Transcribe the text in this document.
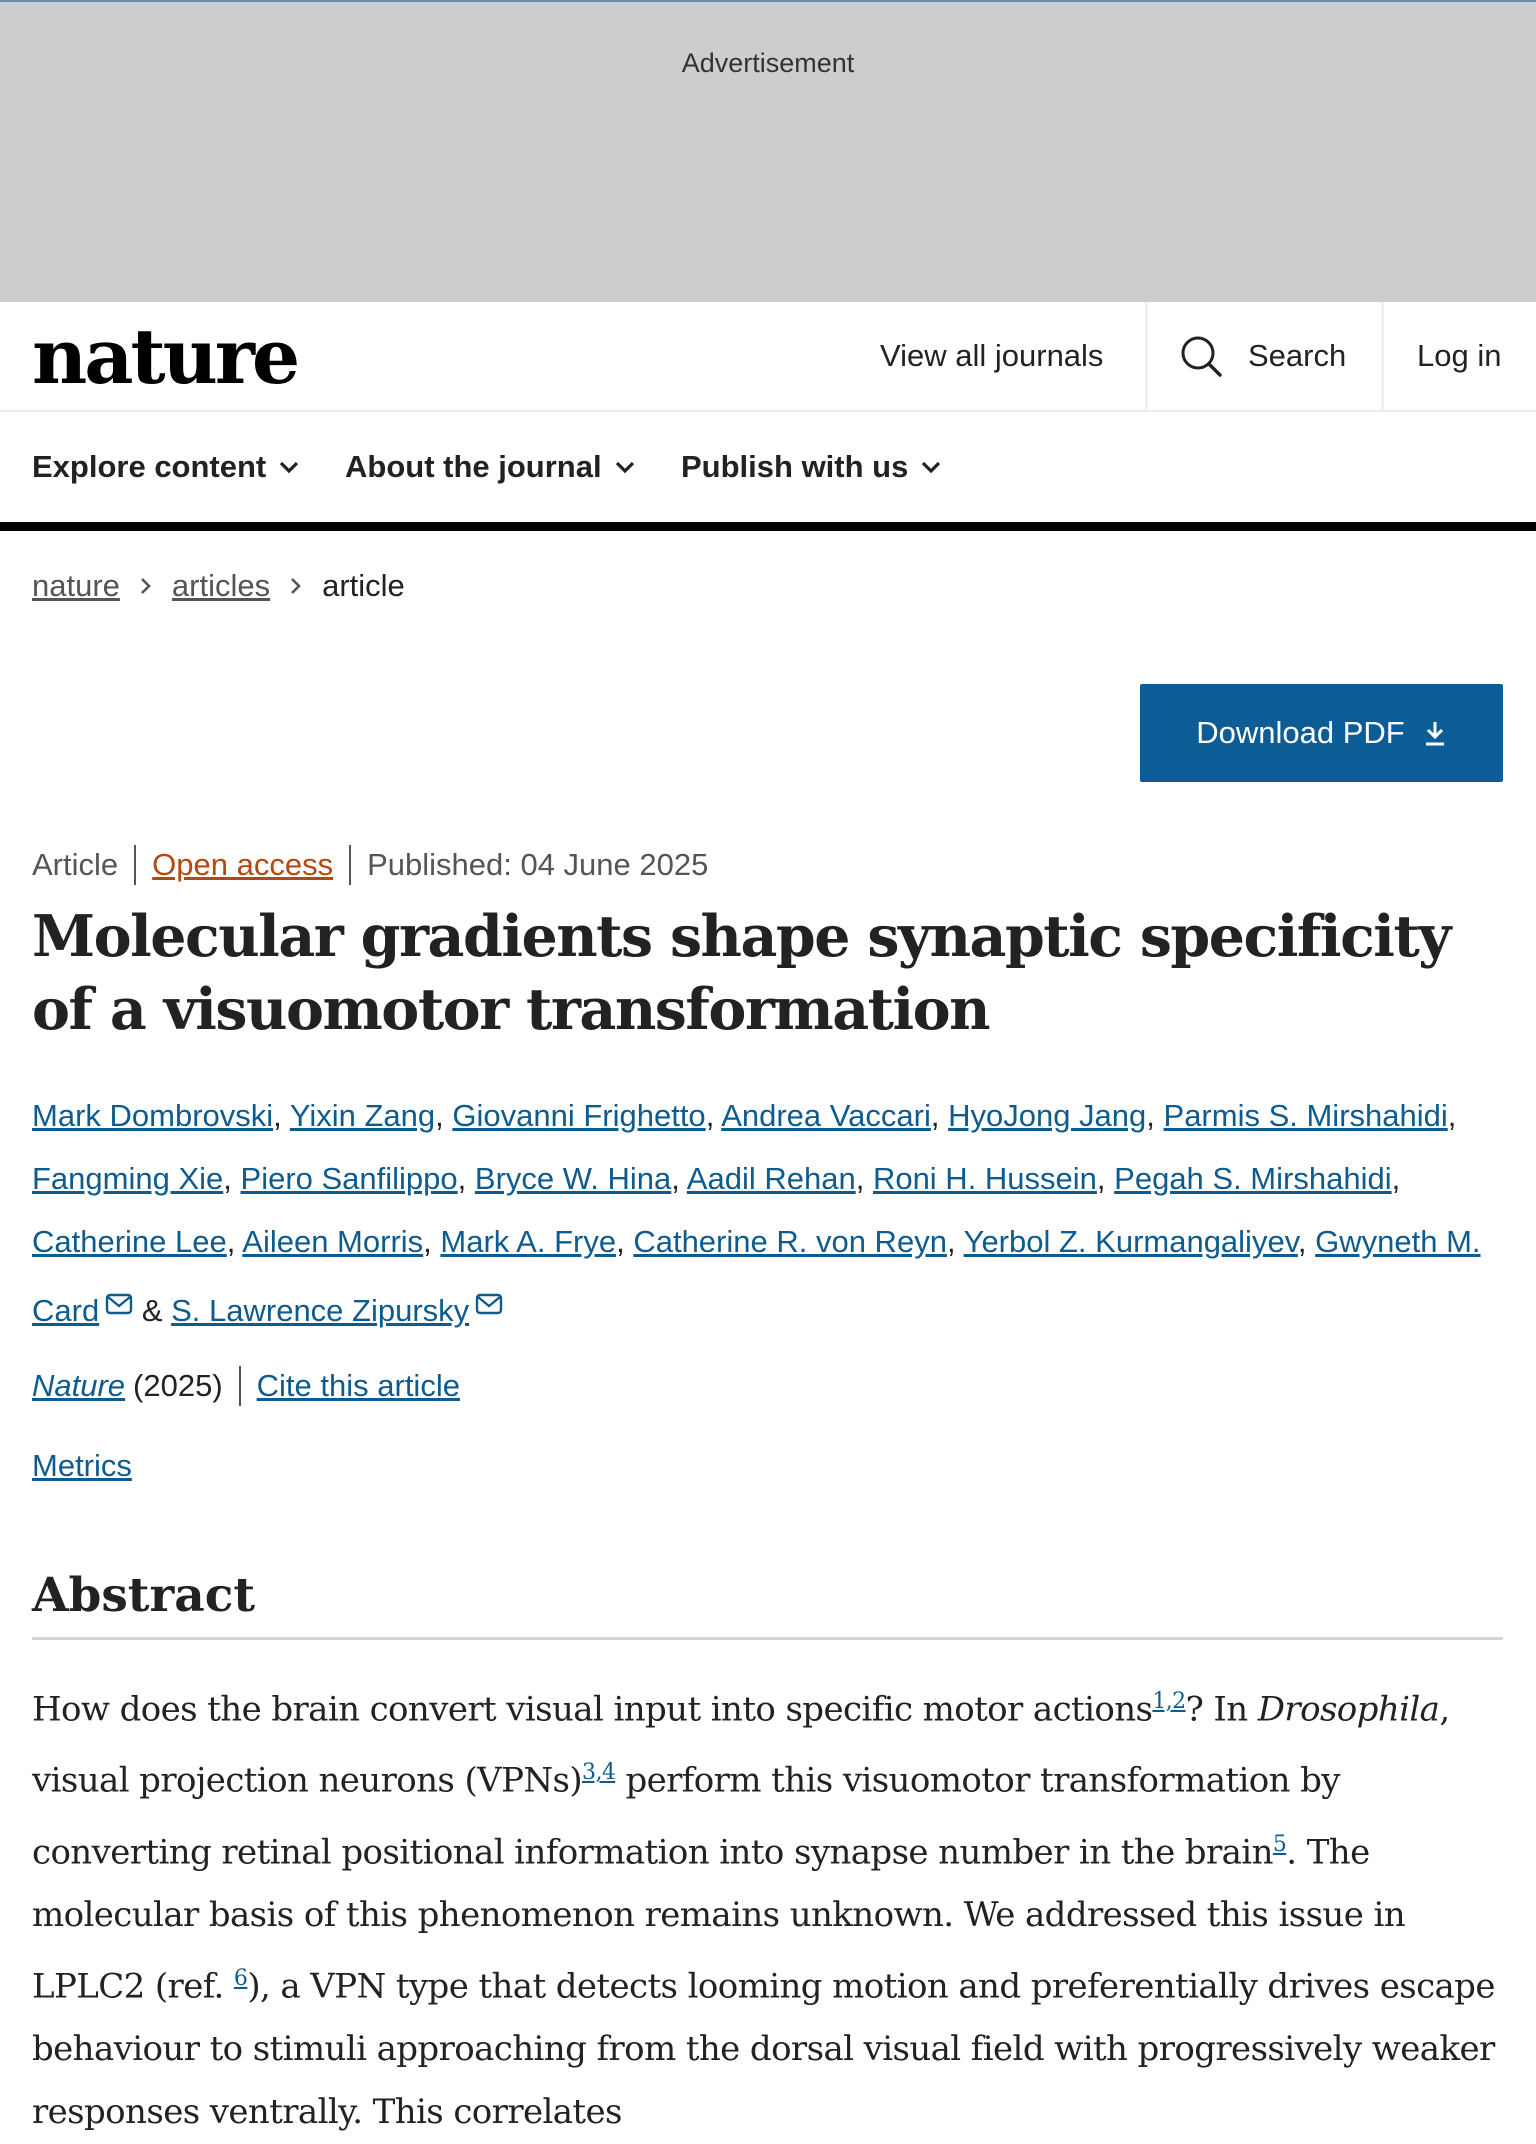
Advertisement
nature	View all journals	Search Log in
Explore content	About the journal	Publish with us
nature articles article
Download PDF
Article Open access Published: 04 June 2025
Molecular gradients shape synaptic specificity of a visuomotor transformation
Mark Dombrovski, Yixin Zang, Giovanni Frighetto, Andrea Vaccari, HyoJong Jang, Parmis S. Mirshahidi, Fangming Xie, Piero Sanfilippo, Bryce W. Hina, Aadil Rehan, Roni H. Hussein, Pegah S. Mirshahidi, Catherine Lee, Aileen Morris, Mark A. Frye, Catherine R. von Reyn, Yerbol Z. Kurmangaliyev, Gwyneth M. Card & S. Lawrence Zipursky
Nature (2025) Cite this article
Metrics
Abstract

How does the brain convert visual input into specific motor actions$^{1,2}$? In Drosophila, visual projection neurons (VPNs)$^{3,4}$ perform this visuomotor transformation by converting retinal positional information into synapse number in the brain$^5$. The molecular basis of this phenomenon remains unknown. We addressed this issue in LPLC2 (ref. $^6$), a VPN type that detects looming motion and preferentially drives escape behaviour to stimuli approaching from the dorsal visual field with progressively weaker responses ventrally. This correlates
